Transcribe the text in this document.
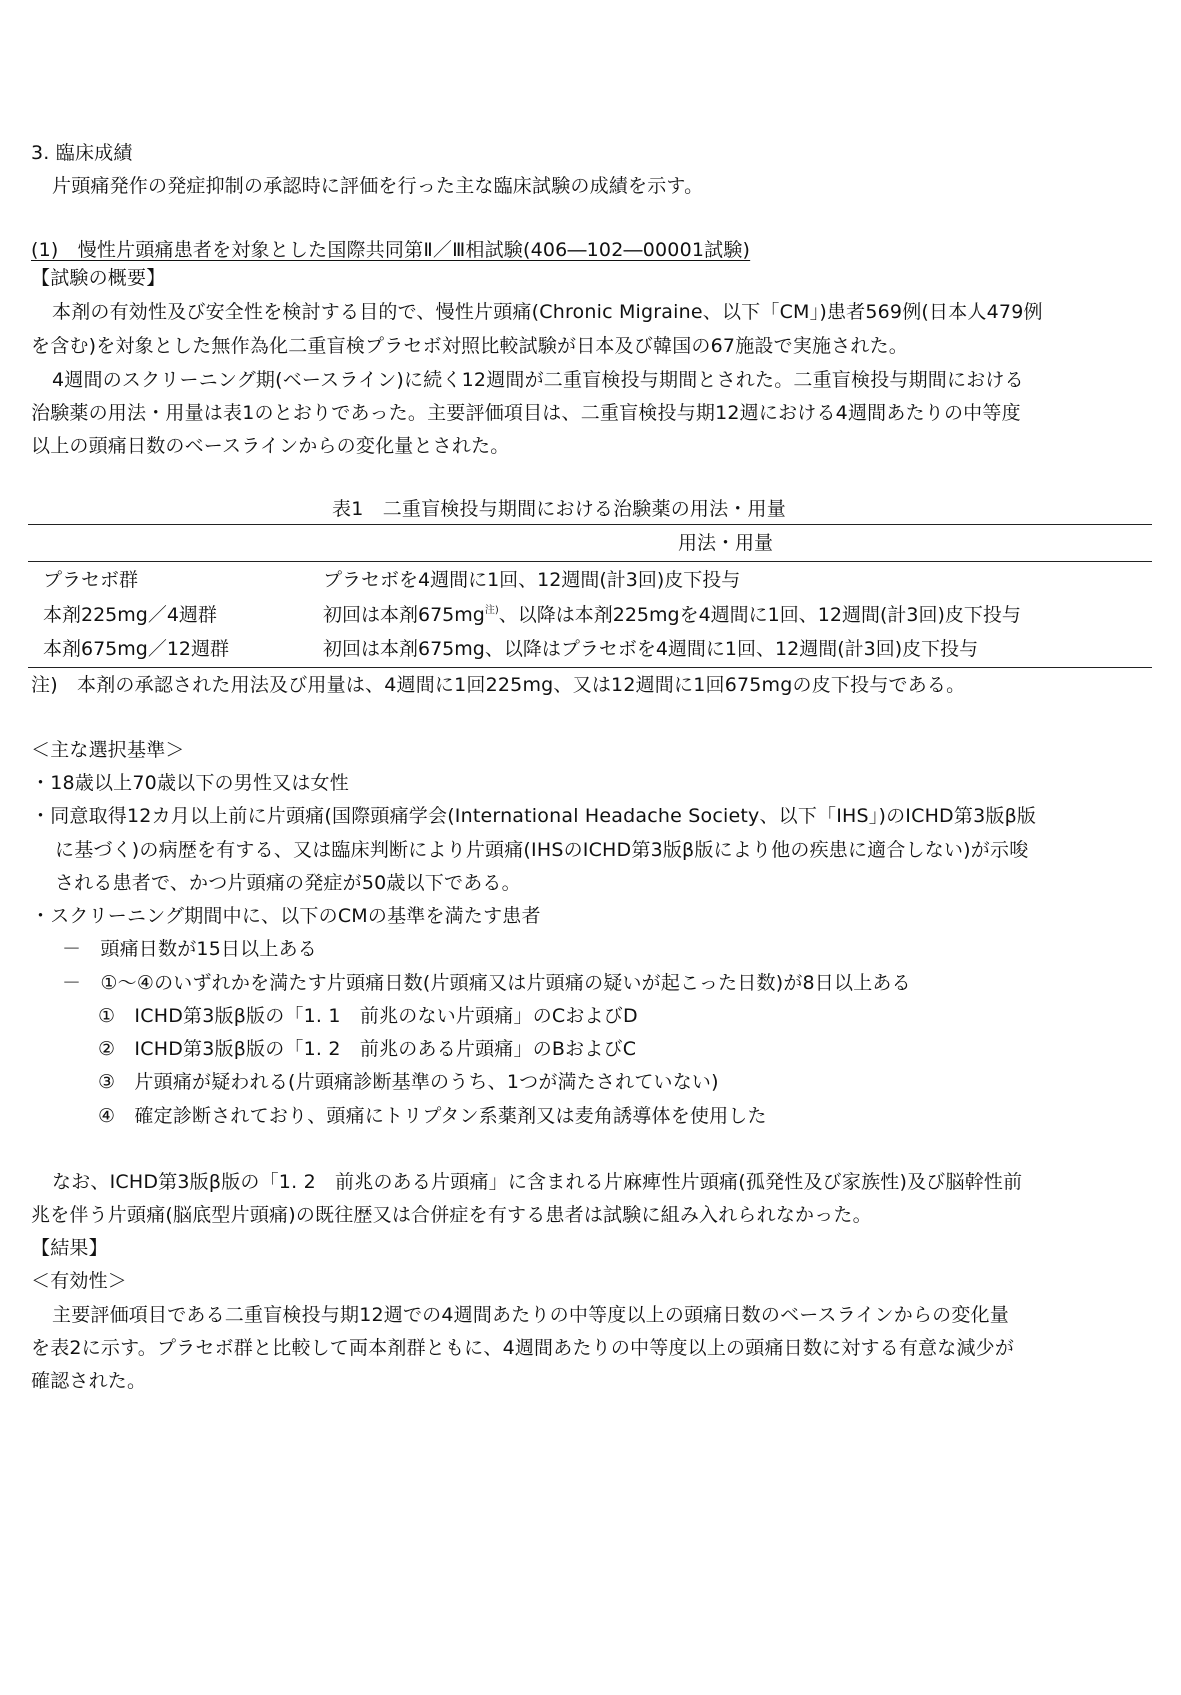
3. 臨床成績
片頭痛発作の発症抑制の承認時に評価を行った主な臨床試験の成績を示す。
(1)　慢性片頭痛患者を対象とした国際共同第Ⅱ／Ⅲ相試験(406―102―00001試験)
【試験の概要】
本剤の有効性及び安全性を検討する目的で、慢性片頭痛(Chronic Migraine、以下「CM」)患者569例(日本人479例
を含む)を対象とした無作為化二重盲検プラセボ対照比較試験が日本及び韓国の67施設で実施された。
4週間のスクリーニング期(ベースライン)に続く12週間が二重盲検投与期間とされた。二重盲検投与期間における
治験薬の用法・用量は表1のとおりであった。主要評価項目は、二重盲検投与期12週における4週間あたりの中等度
以上の頭痛日数のベースラインからの変化量とされた。
表1　二重盲検投与期間における治験薬の用法・用量
用法・用量
プラセボ群	プラセボを4週間に1回、12週間(計3回)皮下投与
本剤225mg／4週群	初回は本剤$675mg^{注)}$、以降は本剤225mgを4週間に1回、12週間(計3回)皮下投与
本剤675mg／12週群	初回は本剤675mg、以降はプラセボを4週間に1回、12週間(計3回)皮下投与
注)　本剤の承認された用法及び用量は、4週間に1回225mg、又は12週間に1回675mgの皮下投与である。
＜主な選択基準＞
・18歳以上70歳以下の男性又は女性
・同意取得12カ月以上前に片頭痛(国際頭痛学会(International Headache Society、以下「IHS」)のICHD第3版β版
に基づく)の病歴を有する、又は臨床判断により片頭痛(IHSのICHD第3版β版により他の疾患に適合しない)が示唆
される患者で、かつ片頭痛の発症が50歳以下である。
・スクリーニング期間中に、以下のCMの基準を満たす患者
－　頭痛日数が15日以上ある
－　①～④のいずれかを満たす片頭痛日数(片頭痛又は片頭痛の疑いが起こった日数)が8日以上ある
①　ICHD第3版β版の「1. 1　前兆のない片頭痛」のCおよびD
②　ICHD第3版β版の「1. 2　前兆のある片頭痛」のBおよびC
③　片頭痛が疑われる(片頭痛診断基準のうち、1つが満たされていない)
④　確定診断されており、頭痛にトリプタン系薬剤又は麦角誘導体を使用した
なお、ICHD第3版β版の「1. 2　前兆のある片頭痛」に含まれる片麻痺性片頭痛(孤発性及び家族性)及び脳幹性前
兆を伴う片頭痛(脳底型片頭痛)の既往歴又は合併症を有する患者は試験に組み入れられなかった。
【結果】
＜有効性＞
主要評価項目である二重盲検投与期12週での4週間あたりの中等度以上の頭痛日数のベースラインからの変化量
を表2に示す。プラセボ群と比較して両本剤群ともに、4週間あたりの中等度以上の頭痛日数に対する有意な減少が
確認された。
